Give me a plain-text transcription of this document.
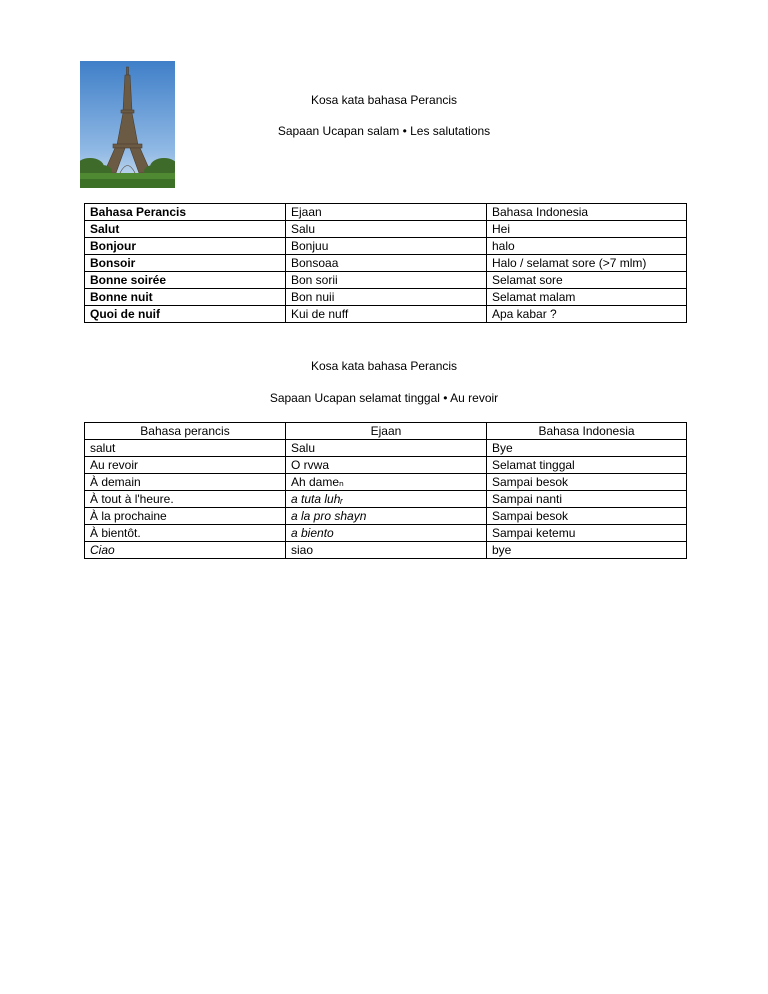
Kosa kata bahasa Perancis
Sapaan Ucapan salam • Les salutations
Bahasa Perancis	Ejaan	Bahasa Indonesia
Salut	Salu	Hei
Bonjour	Bonjuu	halo
Bonsoir	Bonsoaa	Halo / selamat sore (>7 mlm)
Bonne soirée	Bon sorii	Selamat sore
Bonne nuit	Bon nuii	Selamat malam
Quoi de nuif	Kui de nuff	Apa kabar ?
Kosa kata bahasa Perancis
Sapaan Ucapan selamat tinggal • Au revoir
Bahasa perancis	Ejaan	Bahasa Indonesia
salut	Salu	Bye
Au revoir	O rvwa	Selamat tinggal
À demain	Ah dameₙ	Sampai besok
À tout à l'heure.	a tuta luhᵣ	Sampai nanti
À la prochaine	a la pro shayn	Sampai besok
À bientôt.	a biento	Sampai ketemu
Ciao	siao	bye
